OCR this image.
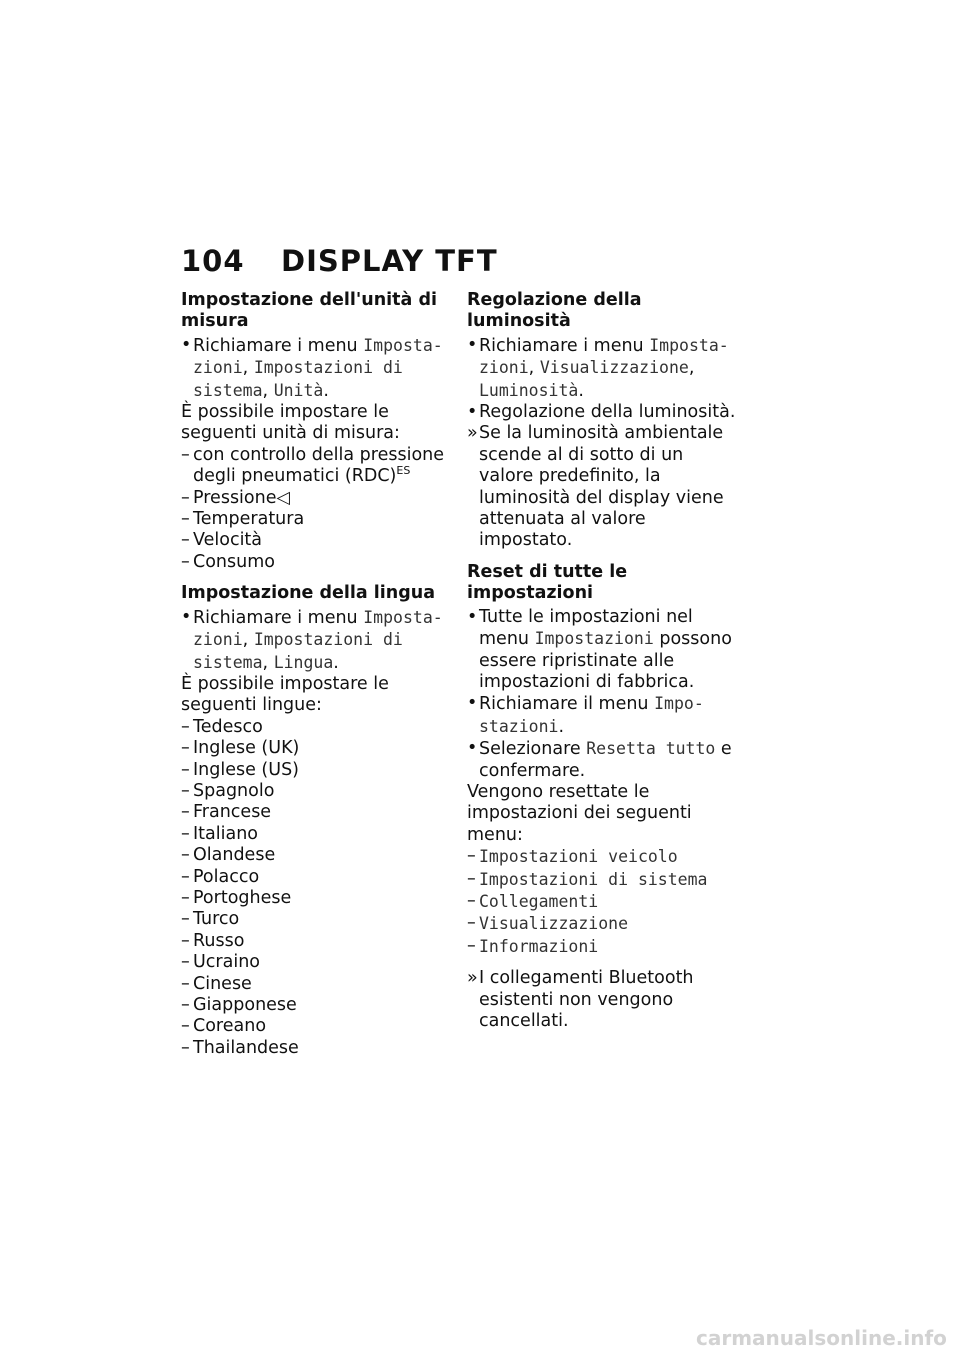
104 DISPLAY TFT
Impostazione dell'unità di misura
• Richiamare i menu Imposta-zioni, Impostazioni di sistema, Unità.

È possibile impostare le seguenti unità di misura:

– con controllo della pressione degli pneumatici (RDC)$^{ES}$
– Pressione◁
– Temperatura
– Velocità
– Consumo
Impostazione della lingua
• Richiamare i menu Imposta-zioni, Impostazioni di sistema, Lingua.

È possibile impostare le seguenti lingue:

– Tedesco
– Inglese (UK)
– Inglese (US)
– Spagnolo
– Francese
– Italiano
– Olandese
– Polacco
– Portoghese
– Turco
– Russo
– Ucraino
– Cinese
– Giapponese
– Coreano
– Thailandese
Regolazione della luminosità
• Richiamare i menu Imposta-zioni, Visualizzazione, Luminosità.
• Regolazione della luminosità.
» Se la luminosità ambientale scende al di sotto di un valore predefinito, la luminosità del display viene attenuata al valore impostato.
Reset di tutte le impostazioni
• Tutte le impostazioni nel menu Impostazioni possono essere ripristinate alle impostazioni di fabbrica.
• Richiamare il menu Impo-stazioni.
• Selezionare Resetta tutto e confermare.

Vengono resettate le impostazioni dei seguenti menu:

– Impostazioni veicolo
– Impostazioni di sistema
– Collegamenti
– Visualizzazione
– Informazioni
» I collegamenti Bluetooth esistenti non vengono cancellati.
carmanualsonline.info
